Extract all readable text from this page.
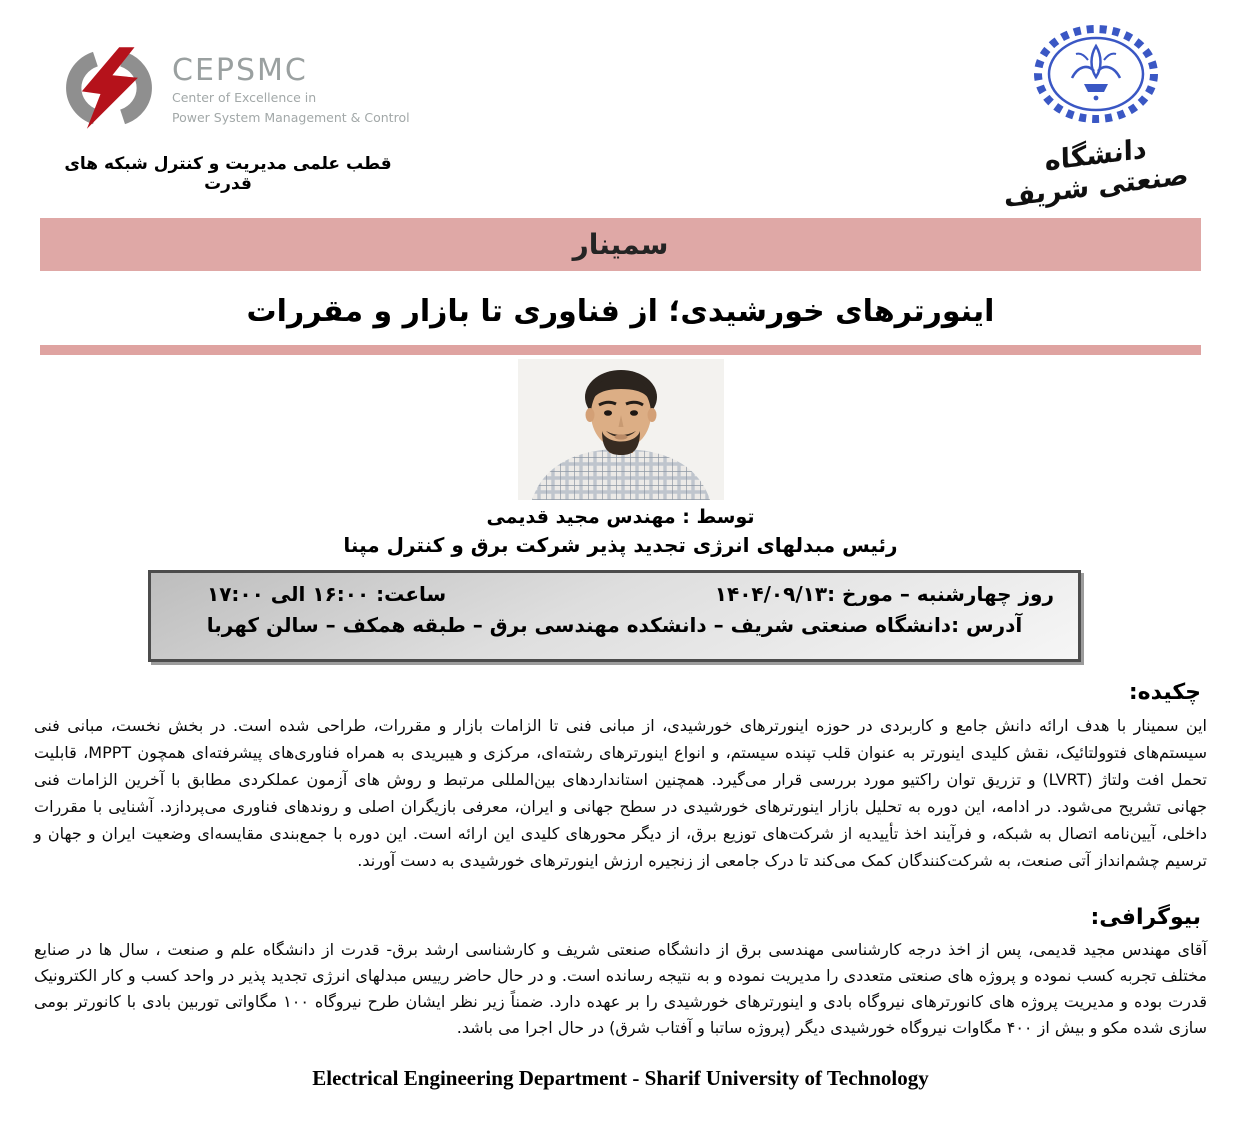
CEPSMC
Center of Excellence in
Power System Management & Control
قطب علمی مدیریت و کنترل شبکه های قدرت
دانشگاه صنعتی شریف
سمینار
اینورترهای خورشیدی؛ از فناوری تا بازار و مقررات
توسط : مهندس مجید قدیمی
رئیس مبدلهای انرژی تجدید پذیر شرکت برق و کنترل مپنا
روز چهارشنبه – مورخ :۱۴۰۴/۰۹/۱۳
ساعت: ۱۶:۰۰ الی ۱۷:۰۰
آدرس :دانشگاه صنعتی شریف – دانشکده مهندسی برق – طبقه همکف – سالن کهربا
چکیده:
این سمینار با هدف ارائه دانش جامع و کاربردی در حوزه اینورترهای خورشیدی، از مبانی فنی تا الزامات بازار و مقررات، طراحی شده است. در بخش نخست، مبانی فنی سیستم‌های فتوولتائیک، نقش کلیدی اینورتر به عنوان قلب تپنده سیستم، و انواع اینورترهای رشته‌ای، مرکزی و هیبریدی به همراه فناوری‌های پیشرفته‌ای همچون MPPT، قابلیت تحمل افت ولتاژ (LVRT) و تزریق توان راکتیو مورد بررسی قرار می‌گیرد. همچنین استانداردهای بین‌المللی مرتبط و روش های آزمون عملکردی مطابق با آخرین الزامات فنی جهانی تشریح می‌شود. در ادامه، این دوره به تحلیل بازار اینورترهای خورشیدی در سطح جهانی و ایران، معرفی بازیگران اصلی و روندهای فناوری می‌پردازد. آشنایی با مقررات داخلی، آیین‌نامه اتصال به شبکه، و فرآیند اخذ تأییدیه از شرکت‌های توزیع برق، از دیگر محورهای کلیدی این ارائه است. این دوره با جمع‌بندی مقایسه‌ای وضعیت ایران و جهان و ترسیم چشم‌انداز آتی صنعت، به شرکت‌کنندگان کمک می‌کند تا درک جامعی از زنجیره ارزش اینورترهای خورشیدی به دست آورند.
بیوگرافی:
آقای مهندس مجید قدیمی، پس از اخذ درجه کارشناسی مهندسی برق از دانشگاه صنعتی شریف و کارشناسی ارشد برق- قدرت از دانشگاه علم و صنعت ، سال ها در صنایع مختلف تجربه کسب نموده و پروژه های صنعتی متعددی را مدیریت نموده و به نتیجه رسانده است. و در حال حاضر رییس مبدلهای انرژی تجدید پذیر در واحد کسب و کار الکترونیک قدرت بوده و مدیریت پروژه های کانورترهای نیروگاه بادی و اینورترهای خورشیدی را بر عهده دارد. ضمناً زیر نظر ایشان طرح نیروگاه ۱۰۰ مگاواتی توربین بادی با کانورتر بومی سازی شده مکو و بیش از ۴۰۰ مگاوات نیروگاه خورشیدی دیگر (پروژه ساتبا و آفتاب شرق) در حال اجرا می باشد.
Electrical Engineering Department - Sharif University of Technology
